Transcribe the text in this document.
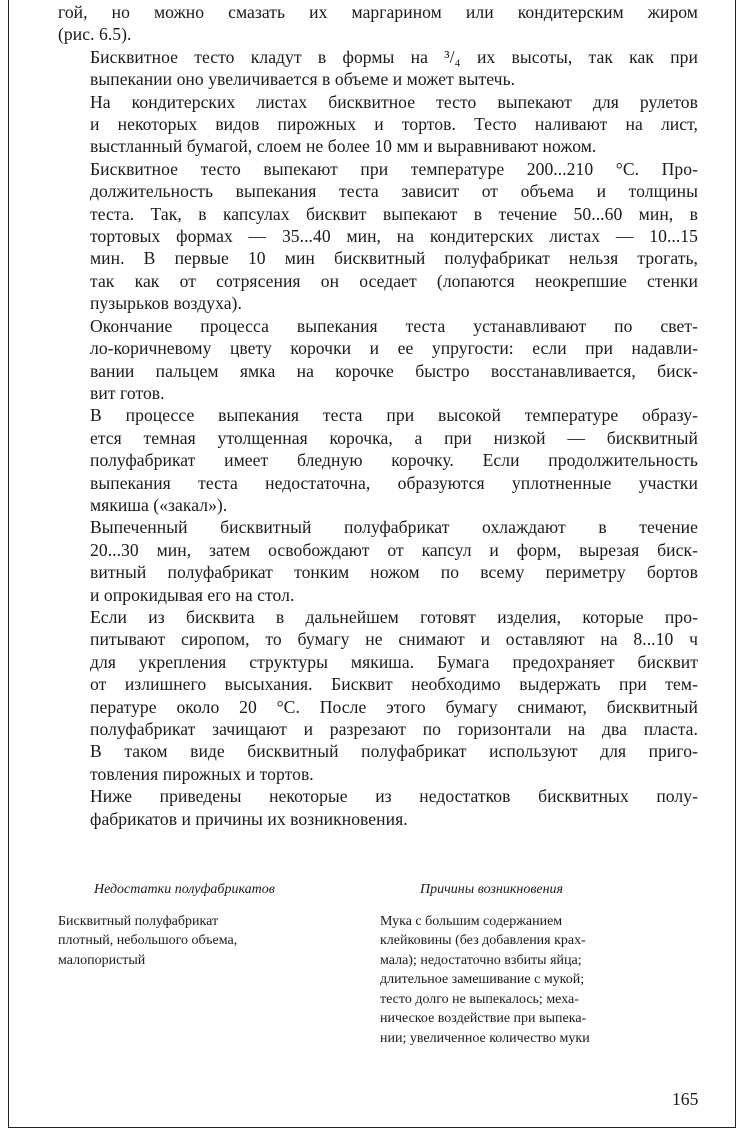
гой, но можно смазать их маргарином или кондитерским жиром
(рис. 6.5).

Бисквитное тесто кладут в формы на ³/₄ их высоты, так как при
выпекании оно увеличивается в объеме и может вытечь.

На кондитерских листах бисквитное тесто выпекают для рулетов
и некоторых видов пирожных и тортов. Тесто наливают на лист,
выстланный бумагой, слоем не более 10 мм и выравнивают ножом.

Бисквитное тесто выпекают при температуре 200...210 °С. Про-
должительность выпекания теста зависит от объема и толщины
теста. Так, в капсулах бисквит выпекают в течение 50...60 мин, в
тортовых формах — 35...40 мин, на кондитерских листах — 10...15
мин. В первые 10 мин бисквитный полуфабрикат нельзя трогать,
так как от сотрясения он оседает (лопаются неокрепшие стенки
пузырьков воздуха).

Окончание процесса выпекания теста устанавливают по свет-
ло-коричневому цвету корочки и ее упругости: если при надавли-
вании пальцем ямка на корочке быстро восстанавливается, биск-
вит готов.

В процессе выпекания теста при высокой температуре образу-
ется темная утолщенная корочка, а при низкой — бисквитный
полуфабрикат имеет бледную корочку. Если продолжительность
выпекания теста недостаточна, образуются уплотненные участки
мякиша («закал»).

Выпеченный бисквитный полуфабрикат охлаждают в течение
20...30 мин, затем освобождают от капсул и форм, вырезая биск-
витный полуфабрикат тонким ножом по всему периметру бортов
и опрокидывая его на стол.

Если из бисквита в дальнейшем готовят изделия, которые про-
питывают сиропом, то бумагу не снимают и оставляют на 8...10 ч
для укрепления структуры мякиша. Бумага предохраняет бисквит
от излишнего высыхания. Бисквит необходимо выдержать при тем-
пературе около 20 °С. После этого бумагу снимают, бисквитный
полуфабрикат зачищают и разрезают по горизонтали на два пласта.
В таком виде бисквитный полуфабрикат используют для приго-
товления пирожных и тортов.

Ниже приведены некоторые из недостатков бисквитных полу-
фабрикатов и причины их возникновения.

Недостатки полуфабрикатов	Причины возникновения
Бисквитный полуфабрикат
плотный, небольшого объема,
малопористый
Мука с большим содержанием
клейковины (без добавления крах-
мала); недостаточно взбиты яйца;
длительное замешивание с мукой;
тесто долго не выпекалось; меха-
ническое воздействие при выпека-
нии; увеличенное количество муки
165
